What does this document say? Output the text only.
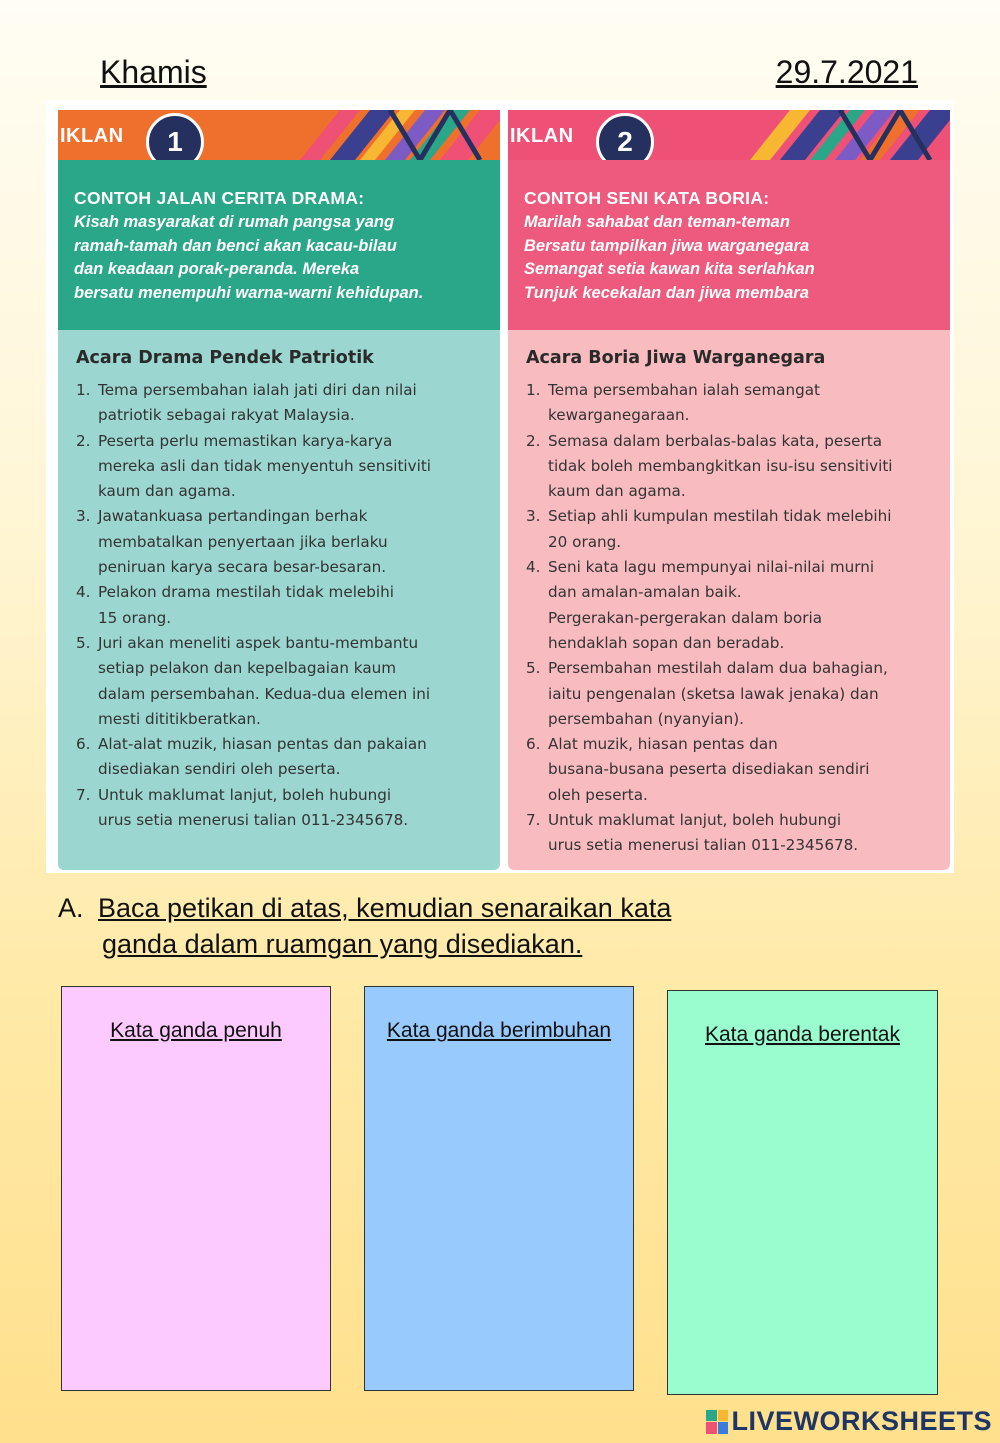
Khamis	29.7.2021
IKLAN	1
CONTOH JALAN CERITA DRAMA:
Kisah masyarakat di rumah pangsa yang
ramah-tamah dan benci akan kacau-bilau
dan keadaan porak-peranda. Mereka
bersatu menempuhi warna-warni kehidupan.
Acara Drama Pendek Patriotik
1. Tema persembahan ialah jati diri dan nilai
patriotik sebagai rakyat Malaysia.
2. Peserta perlu memastikan karya-karya
mereka asli dan tidak menyentuh sensitiviti
kaum dan agama.
3. Jawatankuasa pertandingan berhak
membatalkan penyertaan jika berlaku
peniruan karya secara besar-besaran.
4. Pelakon drama mestilah tidak melebihi
15 orang.
5. Juri akan meneliti aspek bantu-membantu
setiap pelakon dan kepelbagaian kaum
dalam persembahan. Kedua-dua elemen ini
mesti dititikberatkan.
6. Alat-alat muzik, hiasan pentas dan pakaian
disediakan sendiri oleh peserta.
7. Untuk maklumat lanjut, boleh hubungi
urus setia menerusi talian 011-2345678.
IKLAN	2
CONTOH SENI KATA BORIA:
Marilah sahabat dan teman-teman
Bersatu tampilkan jiwa warganegara
Semangat setia kawan kita serlahkan
Tunjuk kecekalan dan jiwa membara
Acara Boria Jiwa Warganegara
1. Tema persembahan ialah semangat
kewarganegaraan.
2. Semasa dalam berbalas-balas kata, peserta
tidak boleh membangkitkan isu-isu sensitiviti
kaum dan agama.
3. Setiap ahli kumpulan mestilah tidak melebihi
20 orang.
4. Seni kata lagu mempunyai nilai-nilai murni
dan amalan-amalan baik.
Pergerakan-pergerakan dalam boria
hendaklah sopan dan beradab.
5. Persembahan mestilah dalam dua bahagian,
iaitu pengenalan (sketsa lawak jenaka) dan
persembahan (nyanyian).
6. Alat muzik, hiasan pentas dan
busana-busana peserta disediakan sendiri
oleh peserta.
7. Untuk maklumat lanjut, boleh hubungi
urus setia menerusi talian 011-2345678.
A. Baca petikan di atas, kemudian senaraikan kata
ganda dalam ruamgan yang disediakan.
Kata ganda penuh	Kata ganda berimbuhan	Kata ganda berentak
LIVEWORKSHEETS
